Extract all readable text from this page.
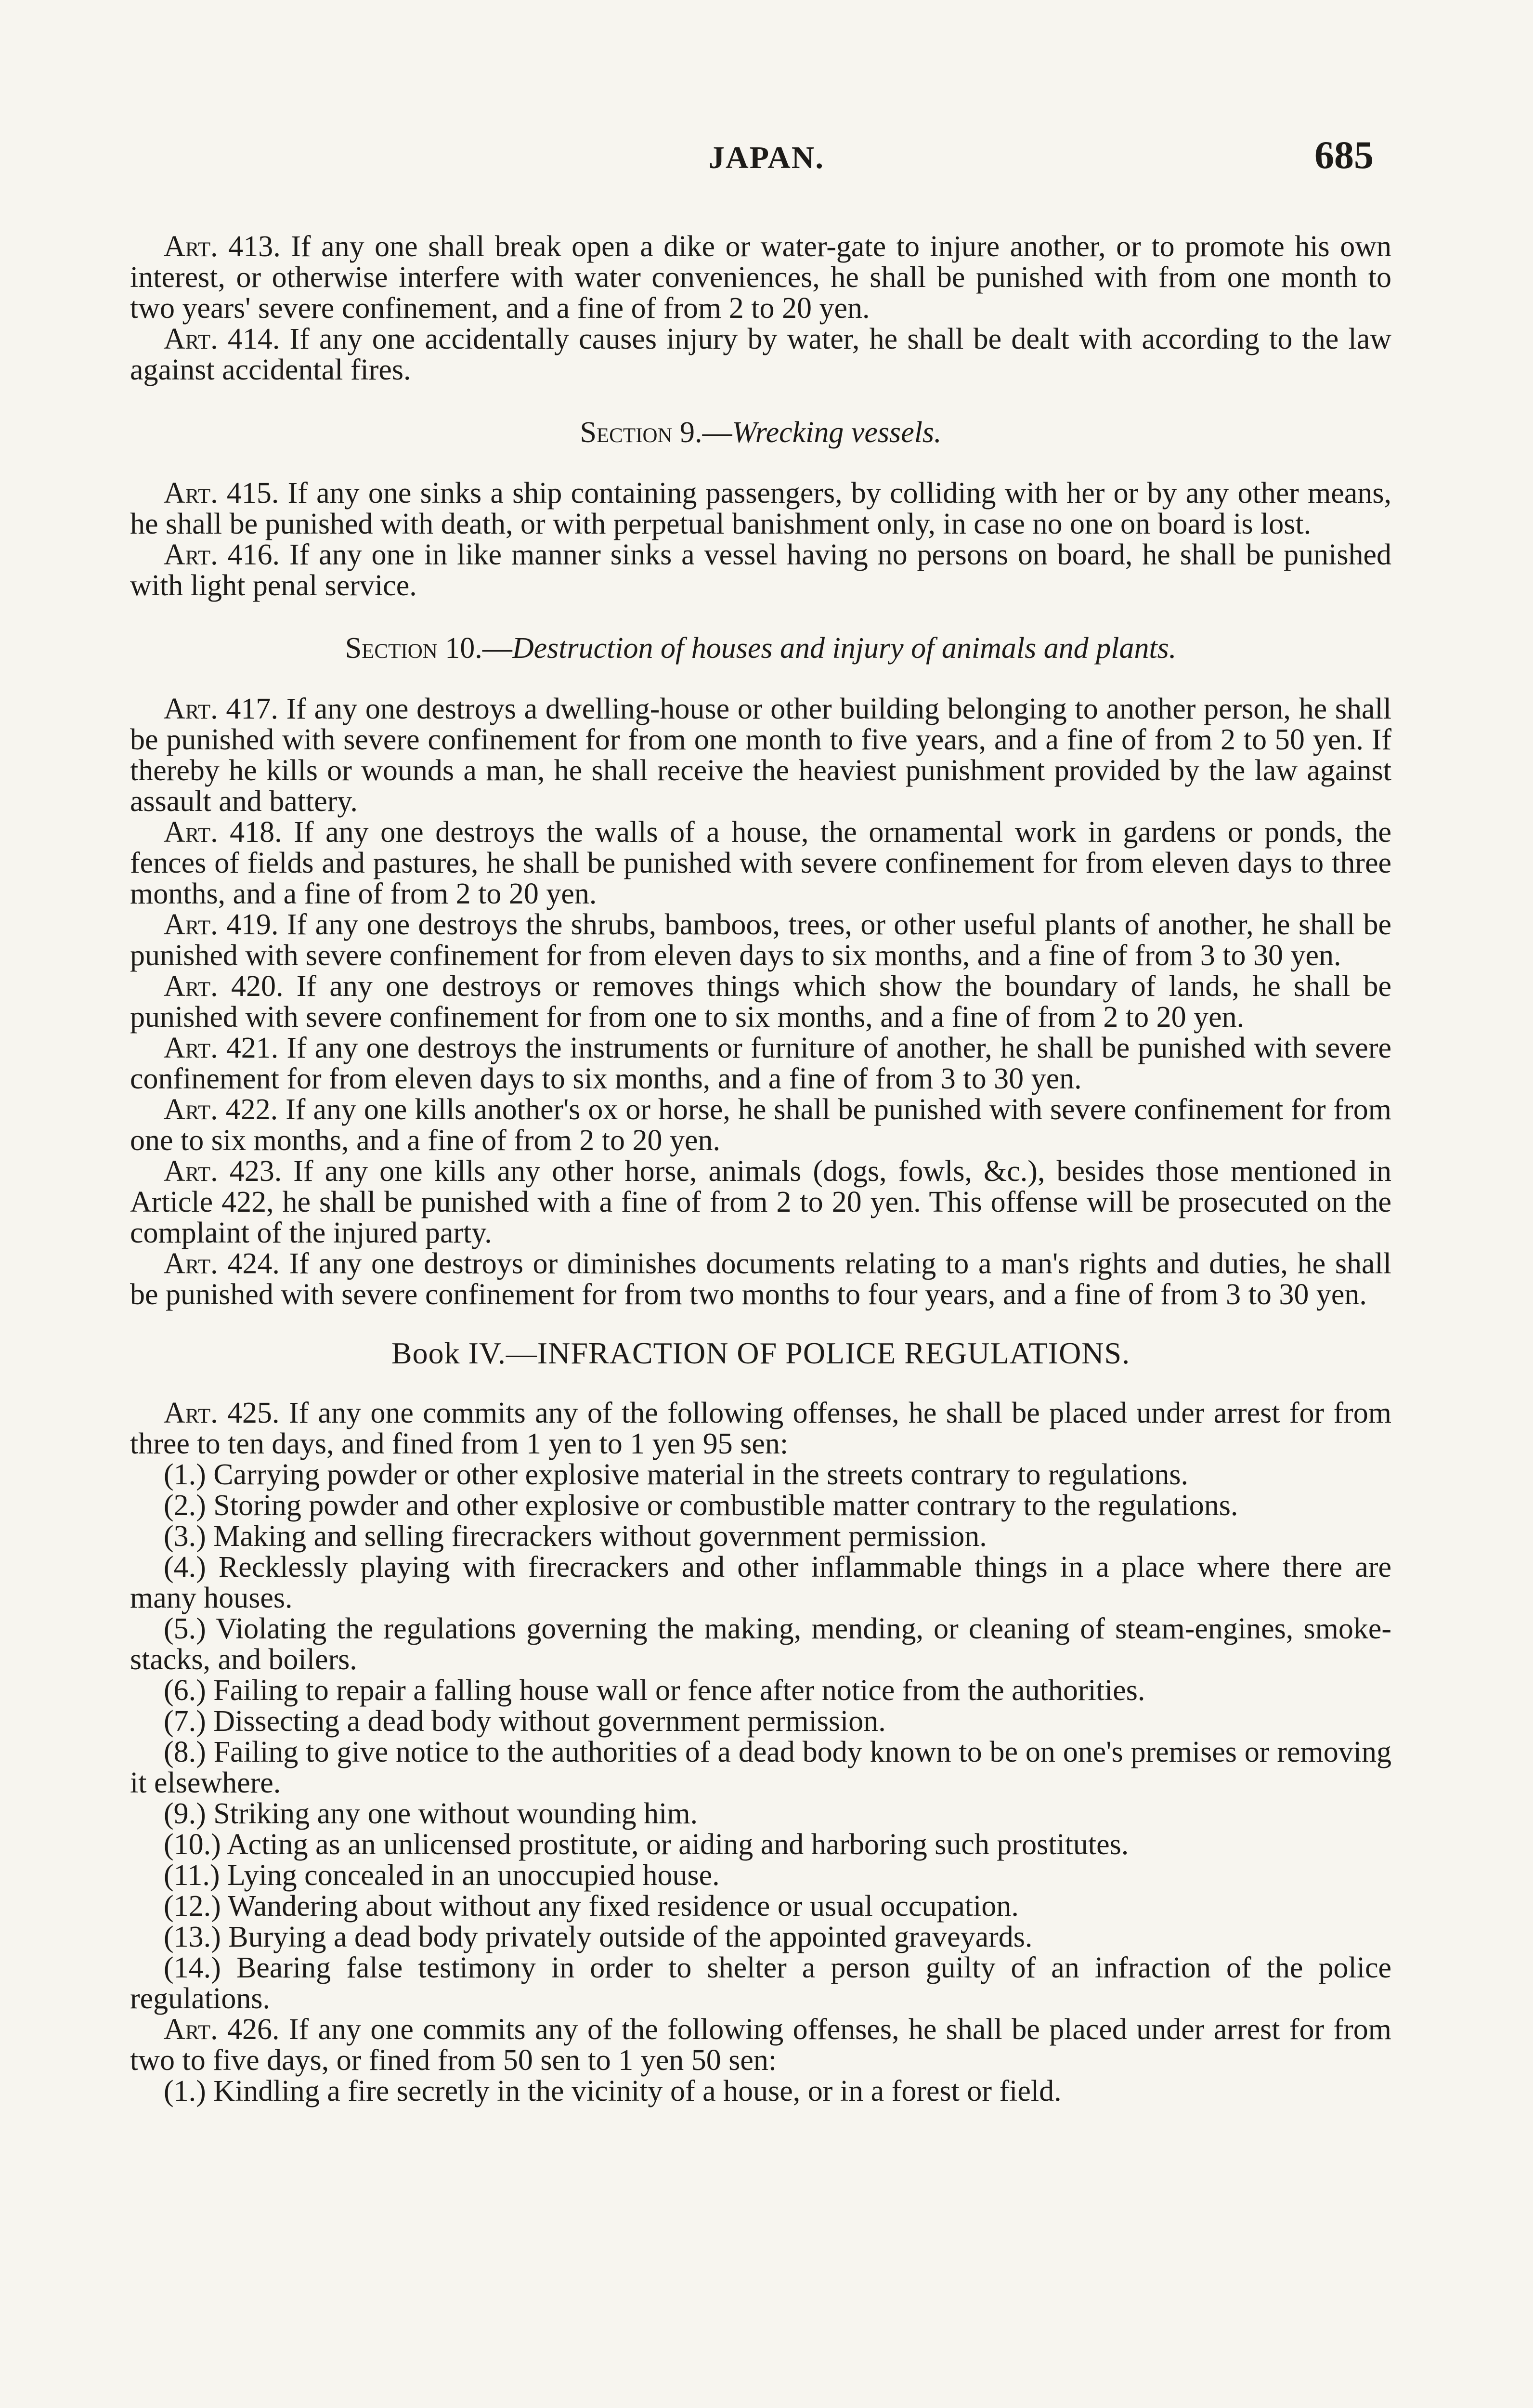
JAPAN.	685

Art. 413. If any one shall break open a dike or water-gate to injure another, or to promote his own interest, or otherwise interfere with water conveniences, he shall be punished with from one month to two years' severe confinement, and a fine of from 2 to 20 yen.

Art. 414. If any one accidentally causes injury by water, he shall be dealt with according to the law against accidental fires.

Section 9.—Wrecking vessels.

Art. 415. If any one sinks a ship containing passengers, by colliding with her or by any other means, he shall be punished with death, or with perpetual banishment only, in case no one on board is lost.

Art. 416. If any one in like manner sinks a vessel having no persons on board, he shall be punished with light penal service.

Section 10.—Destruction of houses and injury of animals and plants.

Art. 417. If any one destroys a dwelling-house or other building belonging to another person, he shall be punished with severe confinement for from one month to five years, and a fine of from 2 to 50 yen. If thereby he kills or wounds a man, he shall receive the heaviest punishment provided by the law against assault and battery.

Art. 418. If any one destroys the walls of a house, the ornamental work in gardens or ponds, the fences of fields and pastures, he shall be punished with severe confinement for from eleven days to three months, and a fine of from 2 to 20 yen.

Art. 419. If any one destroys the shrubs, bamboos, trees, or other useful plants of another, he shall be punished with severe confinement for from eleven days to six months, and a fine of from 3 to 30 yen.

Art. 420. If any one destroys or removes things which show the boundary of lands, he shall be punished with severe confinement for from one to six months, and a fine of from 2 to 20 yen.

Art. 421. If any one destroys the instruments or furniture of another, he shall be punished with severe confinement for from eleven days to six months, and a fine of from 3 to 30 yen.

Art. 422. If any one kills another's ox or horse, he shall be punished with severe confinement for from one to six months, and a fine of from 2 to 20 yen.

Art. 423. If any one kills any other horse, animals (dogs, fowls, &c.), besides those mentioned in Article 422, he shall be punished with a fine of from 2 to 20 yen. This offense will be prosecuted on the complaint of the injured party.

Art. 424. If any one destroys or diminishes documents relating to a man's rights and duties, he shall be punished with severe confinement for from two months to four years, and a fine of from 3 to 30 yen.

Book IV.—INFRACTION OF POLICE REGULATIONS.

Art. 425. If any one commits any of the following offenses, he shall be placed under arrest for from three to ten days, and fined from 1 yen to 1 yen 95 sen:

(1.) Carrying powder or other explosive material in the streets contrary to regulations.

(2.) Storing powder and other explosive or combustible matter contrary to the regulations.

(3.) Making and selling firecrackers without government permission.

(4.) Recklessly playing with firecrackers and other inflammable things in a place where there are many houses.

(5.) Violating the regulations governing the making, mending, or cleaning of steam-engines, smoke-stacks, and boilers.

(6.) Failing to repair a falling house wall or fence after notice from the authorities.

(7.) Dissecting a dead body without government permission.

(8.) Failing to give notice to the authorities of a dead body known to be on one's premises or removing it elsewhere.

(9.) Striking any one without wounding him.

(10.) Acting as an unlicensed prostitute, or aiding and harboring such prostitutes.

(11.) Lying concealed in an unoccupied house.

(12.) Wandering about without any fixed residence or usual occupation.

(13.) Burying a dead body privately outside of the appointed graveyards.

(14.) Bearing false testimony in order to shelter a person guilty of an infraction of the police regulations.

Art. 426. If any one commits any of the following offenses, he shall be placed under arrest for from two to five days, or fined from 50 sen to 1 yen 50 sen:

(1.) Kindling a fire secretly in the vicinity of a house, or in a forest or field.
